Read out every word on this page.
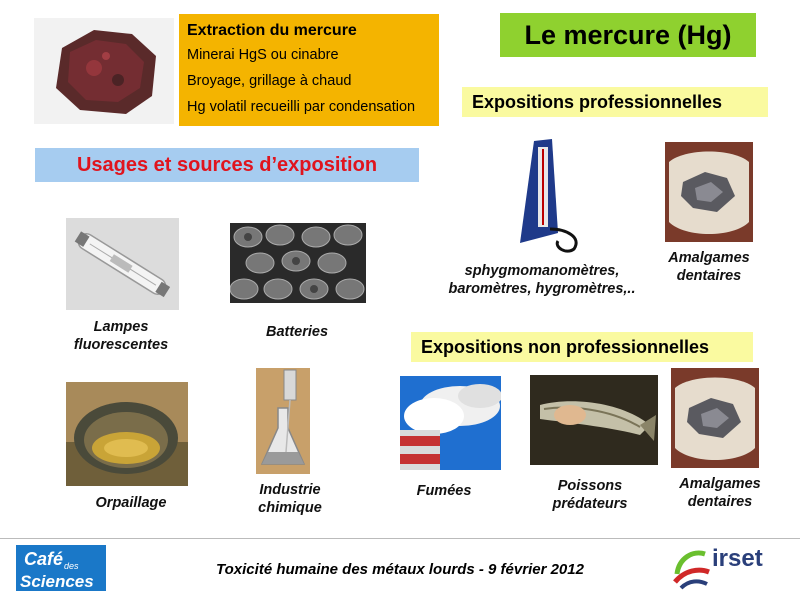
Extraction du mercure
Minerai HgS ou cinabre
Broyage, grillage à chaud
Hg volatil recueilli par condensation
Le mercure (Hg)
Expositions professionnelles
Usages et sources d’exposition
Lampes
fluorescentes
Batteries
Orpaillage
Industrie
chimique
sphygmomanomètres,
baromètres, hygromètres,..
Amalgames
dentaires
Expositions non professionnelles
Fumées	Poissons
prédateurs
Amalgames
dentaires
Café des
Sciences
Toxicité humaine des métaux lourds - 9 février 2012	irset
